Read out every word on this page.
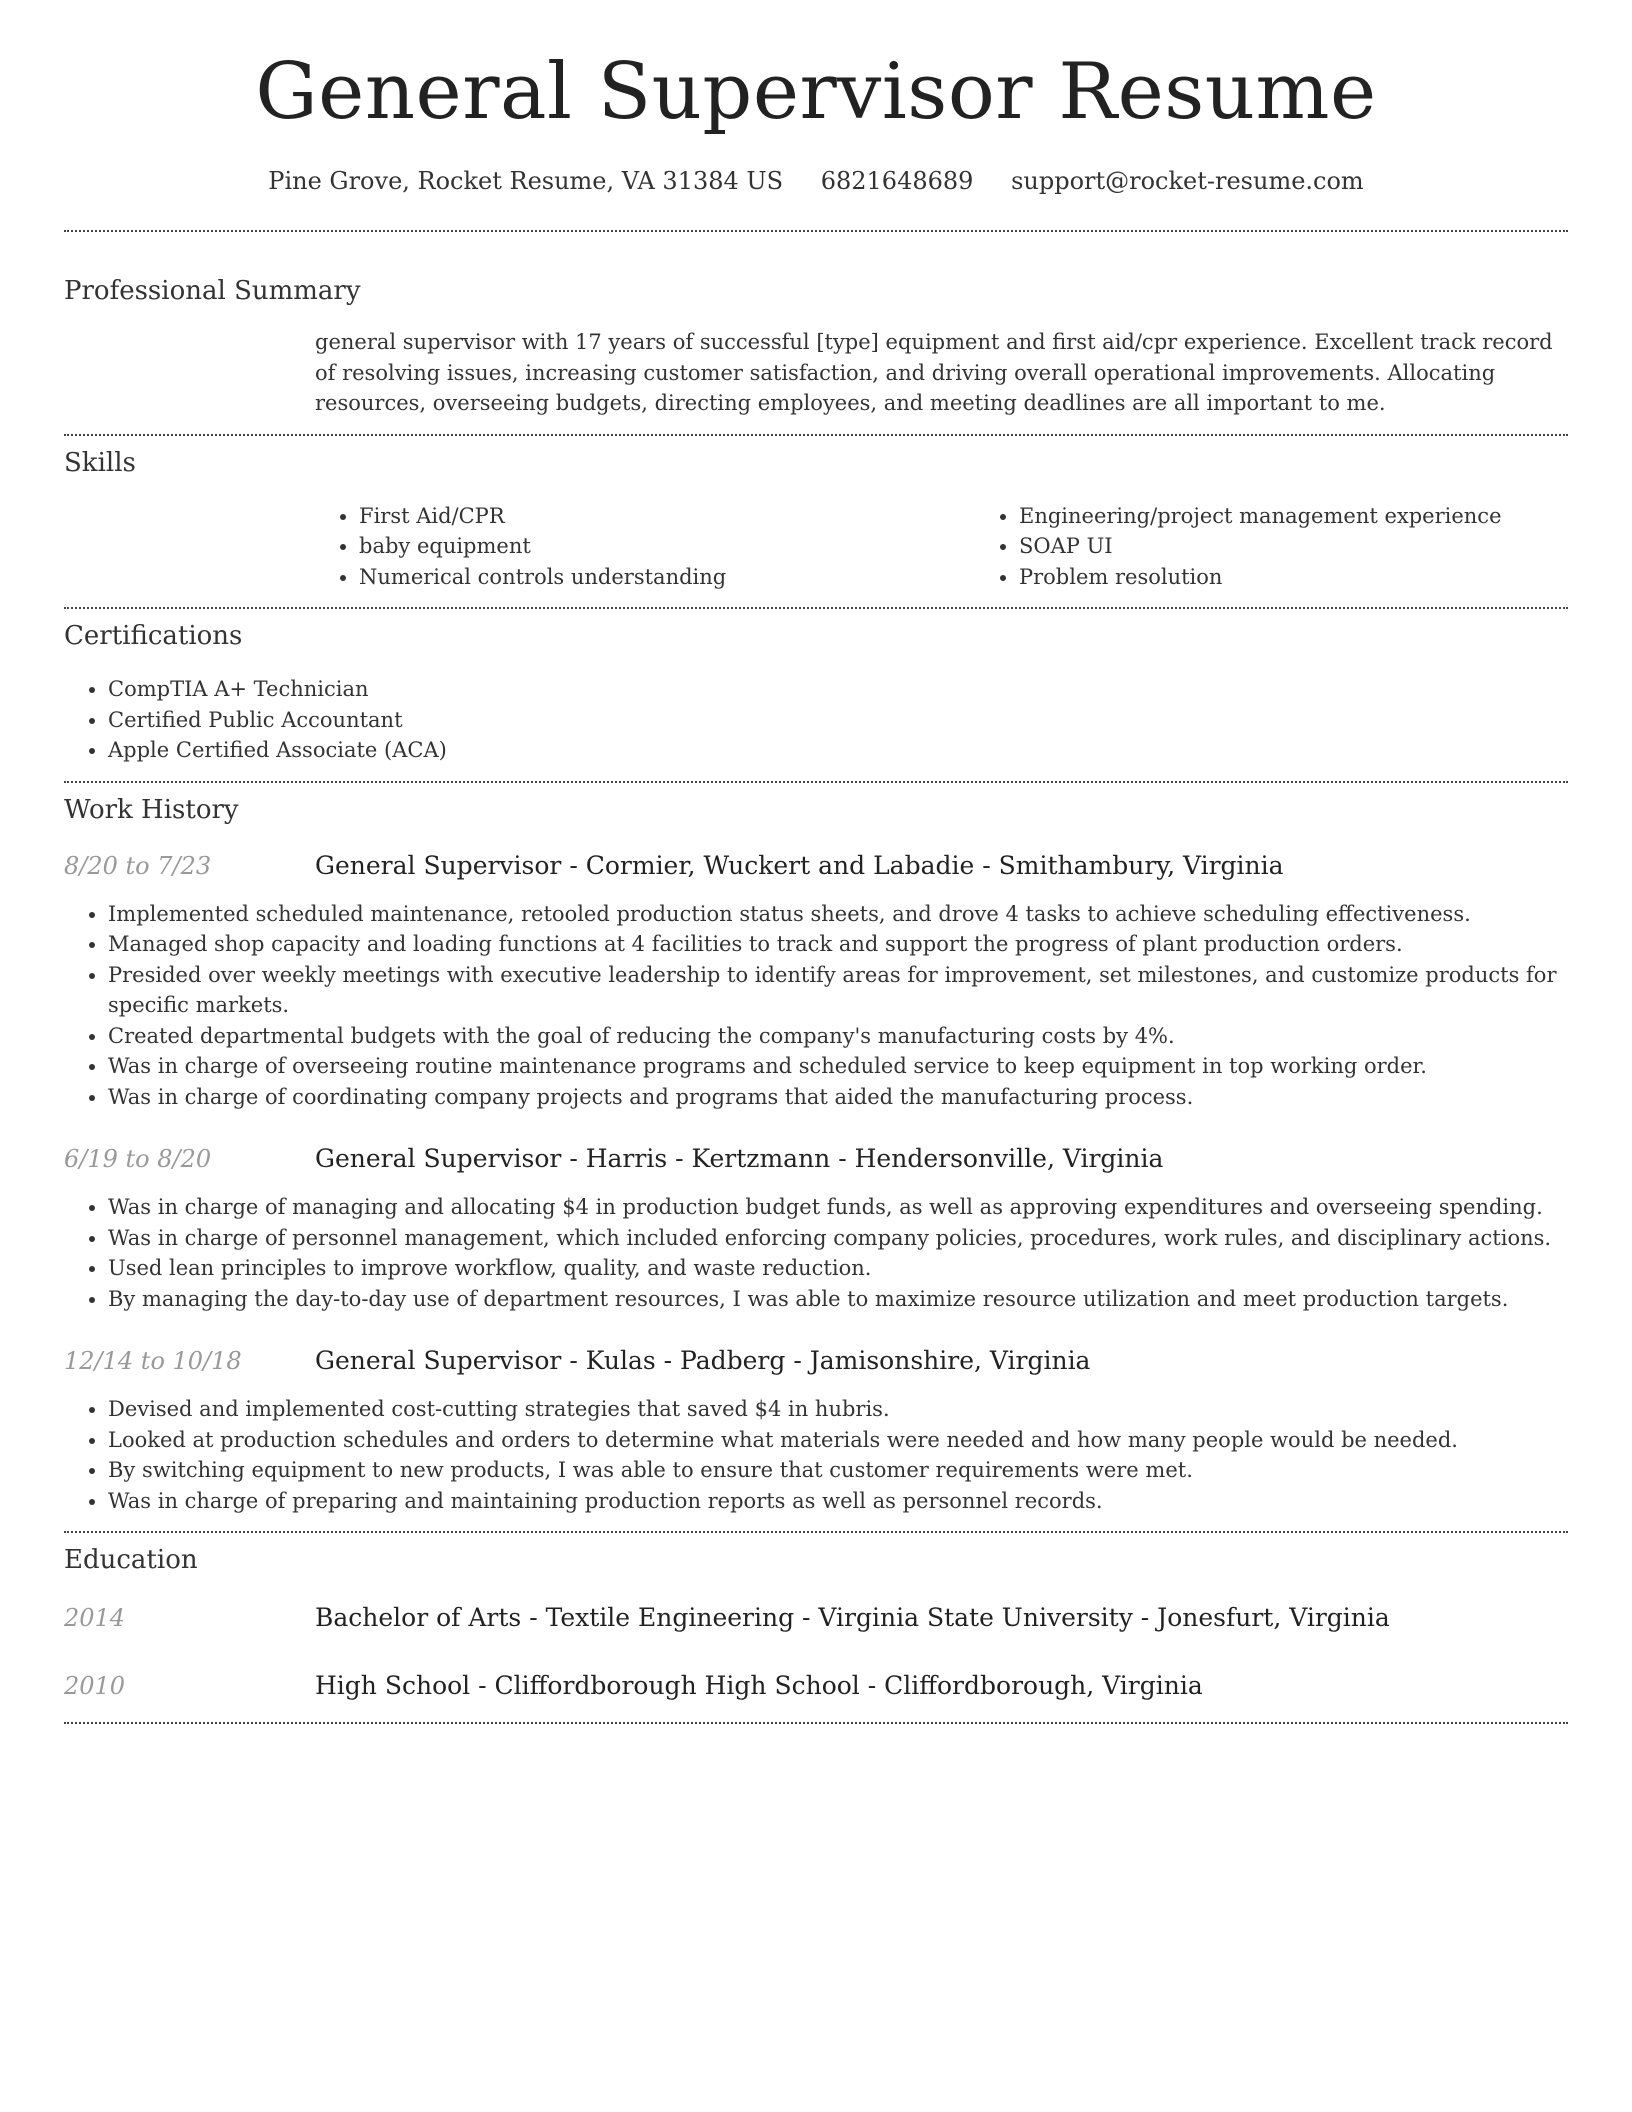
General Supervisor Resume
Pine Grove, Rocket Resume, VA 31384 US 6821648689 support@rocket-resume.com
Professional Summary

general supervisor with 17 years of successful [type] equipment and first aid/cpr experience. Excellent track record of resolving issues, increasing customer satisfaction, and driving overall operational improvements. Allocating resources, overseeing budgets, directing employees, and meeting deadlines are all important to me.

Skills
• First Aid/CPR
• baby equipment
• Numerical controls understanding
• Engineering/project management experience
• SOAP UI
• Problem resolution
Certifications
• CompTIA A+ Technician
• Certified Public Accountant
• Apple Certified Associate (ACA)
Work History
8/20 to 7/23	General Supervisor - Cormier, Wuckert and Labadie - Smithambury, Virginia
• Implemented scheduled maintenance, retooled production status sheets, and drove 4 tasks to achieve scheduling effectiveness.
• Managed shop capacity and loading functions at 4 facilities to track and support the progress of plant production orders.
• Presided over weekly meetings with executive leadership to identify areas for improvement, set milestones, and customize products for specific markets.
• Created departmental budgets with the goal of reducing the company's manufacturing costs by 4%.
• Was in charge of overseeing routine maintenance programs and scheduled service to keep equipment in top working order.
• Was in charge of coordinating company projects and programs that aided the manufacturing process.
6/19 to 8/20	General Supervisor - Harris - Kertzmann - Hendersonville, Virginia
• Was in charge of managing and allocating $4 in production budget funds, as well as approving expenditures and overseeing spending.
• Was in charge of personnel management, which included enforcing company policies, procedures, work rules, and disciplinary actions.
• Used lean principles to improve workflow, quality, and waste reduction.
• By managing the day-to-day use of department resources, I was able to maximize resource utilization and meet production targets.
12/14 to 10/18	General Supervisor - Kulas - Padberg - Jamisonshire, Virginia
• Devised and implemented cost-cutting strategies that saved $4 in hubris.
• Looked at production schedules and orders to determine what materials were needed and how many people would be needed.
• By switching equipment to new products, I was able to ensure that customer requirements were met.
• Was in charge of preparing and maintaining production reports as well as personnel records.
Education
2014	Bachelor of Arts - Textile Engineering - Virginia State University - Jonesfurt, Virginia
2010	High School - Cliffordborough High School - Cliffordborough, Virginia
